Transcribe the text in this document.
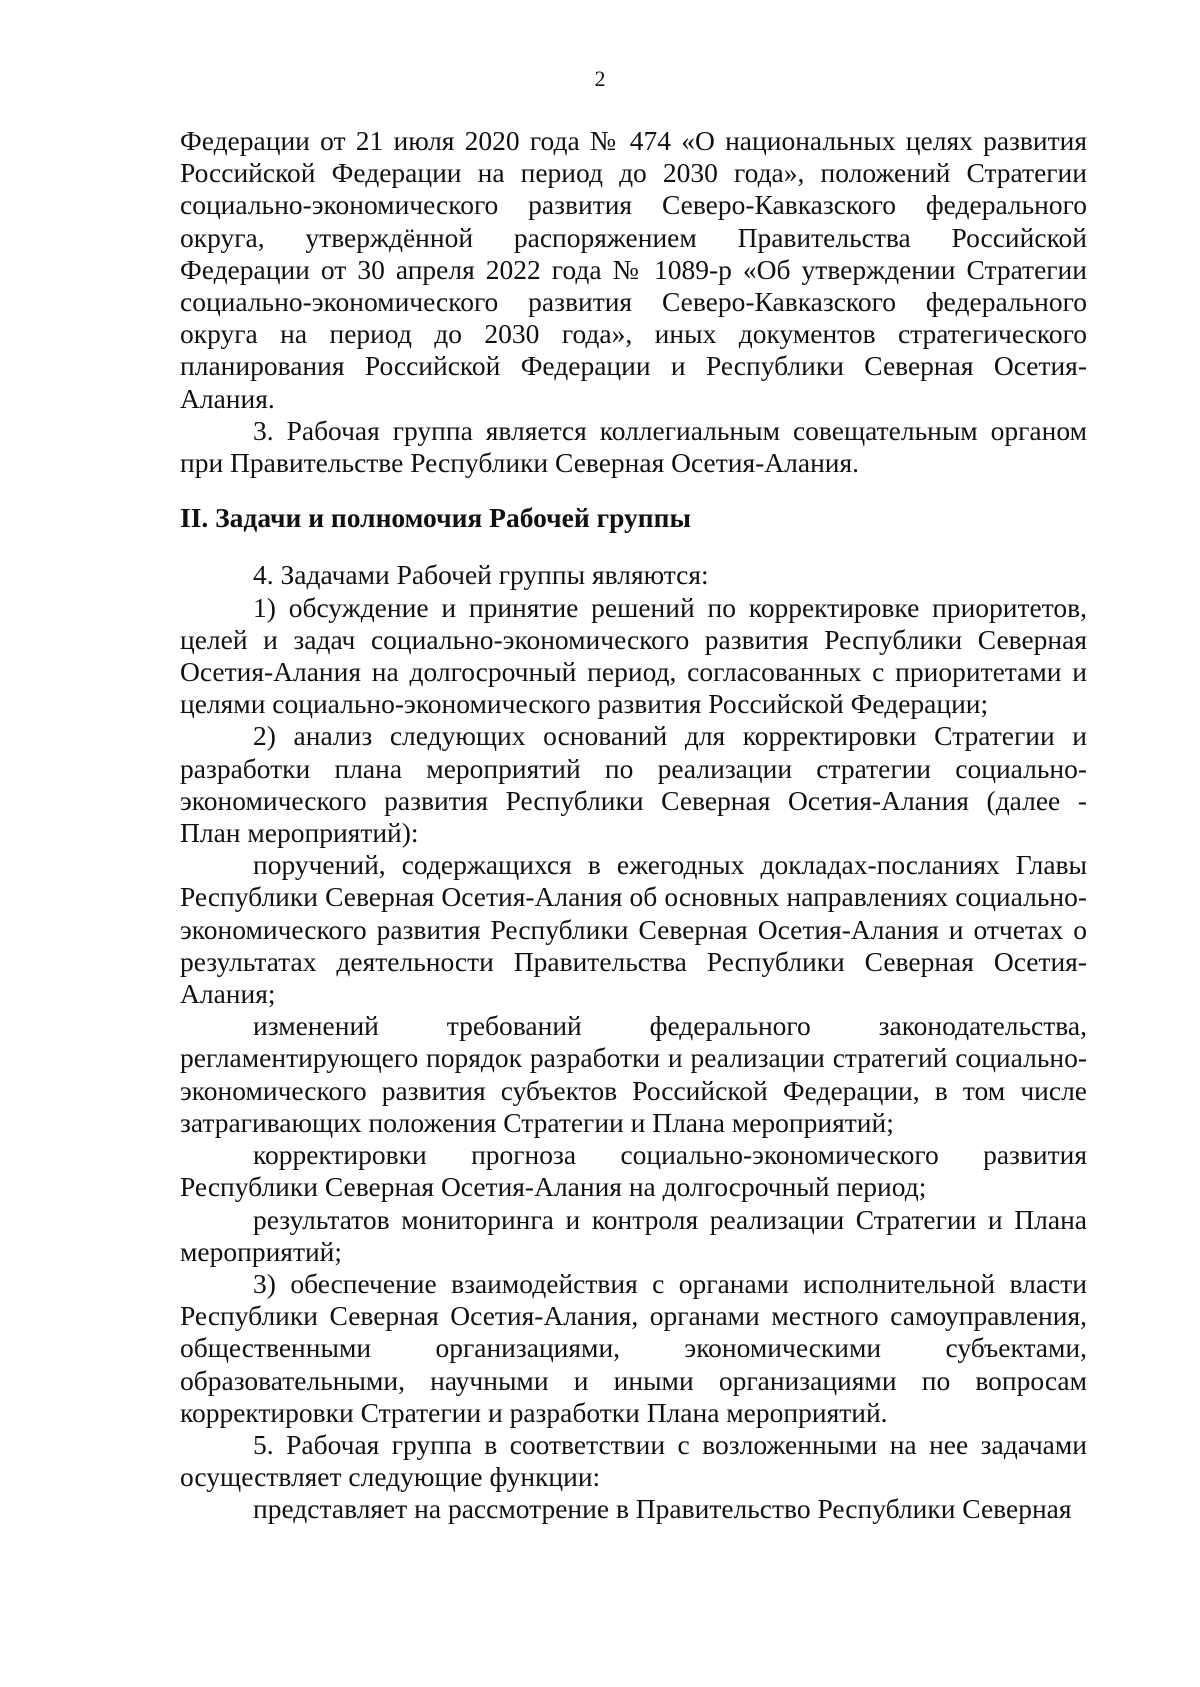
2

Федерации от 21 июля 2020 года № 474 «О национальных целях развития Российской Федерации на период до 2030 года», положений Стратегии социально-экономического развития Северо-Кавказского федерального округа, утверждённой распоряжением Правительства Российской Федерации от 30 апреля 2022 года № 1089-р «Об утверждении Стратегии социально-экономического развития Северо-Кавказского федерального округа на период до 2030 года», иных документов стратегического планирования Российской Федерации и Республики Северная Осетия-Алания.

3. Рабочая группа является коллегиальным совещательным органом при Правительстве Республики Северная Осетия-Алания.

II. Задачи и полномочия Рабочей группы

4. Задачами Рабочей группы являются:

1) обсуждение и принятие решений по корректировке приоритетов, целей и задач социально-экономического развития Республики Северная Осетия-Алания на долгосрочный период, согласованных с приоритетами и целями социально-экономического развития Российской Федерации;

2) анализ следующих оснований для корректировки Стратегии и разработки плана мероприятий по реализации стратегии социально-экономического развития Республики Северная Осетия-Алания (далее - План мероприятий):

поручений, содержащихся в ежегодных докладах-посланиях Главы Республики Северная Осетия-Алания об основных направлениях социально-экономического развития Республики Северная Осетия-Алания и отчетах о результатах деятельности Правительства Республики Северная Осетия-Алания;

изменений требований федерального законодательства, регламентирующего порядок разработки и реализации стратегий социально-экономического развития субъектов Российской Федерации, в том числе затрагивающих положения Стратегии и Плана мероприятий;

корректировки прогноза социально-экономического развития Республики Северная Осетия-Алания на долгосрочный период;

результатов мониторинга и контроля реализации Стратегии и Плана мероприятий;

3) обеспечение взаимодействия с органами исполнительной власти Республики Северная Осетия-Алания, органами местного самоуправления, общественными организациями, экономическими субъектами, образовательными, научными и иными организациями по вопросам корректировки Стратегии и разработки Плана мероприятий.

5. Рабочая группа в соответствии с возложенными на нее задачами осуществляет следующие функции:

представляет на рассмотрение в Правительство Республики Северная
